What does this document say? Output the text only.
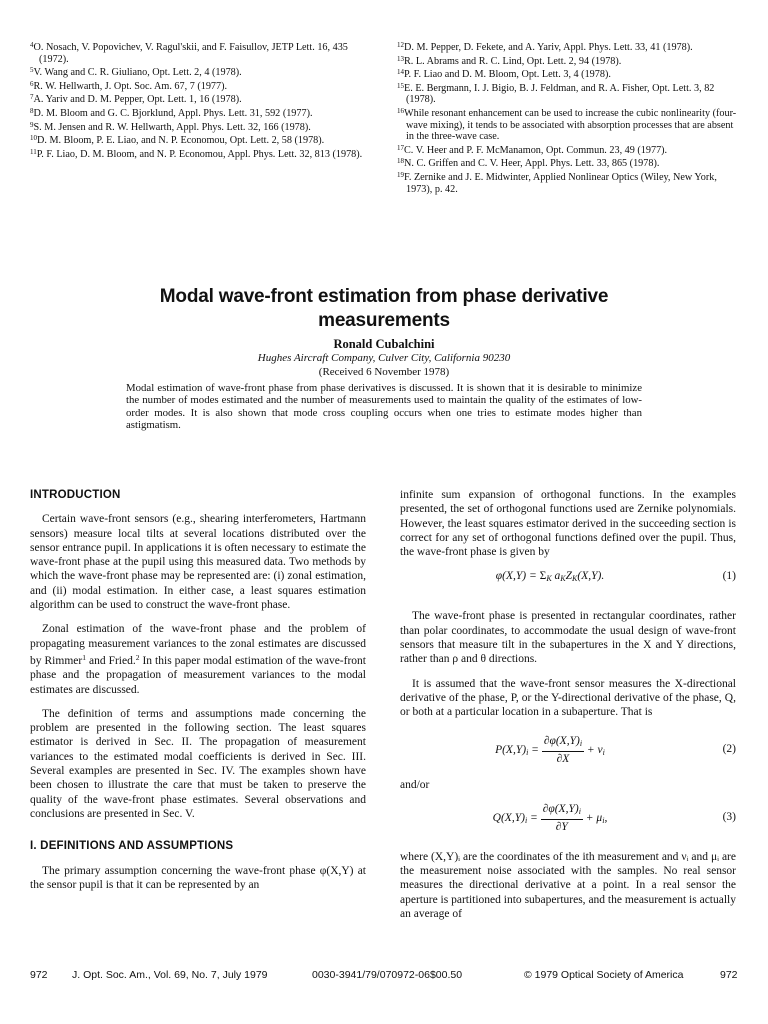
$^4$O. Nosach, V. Popovichev, V. Ragul'skii, and F. Faisullov, JETP Lett. 16, 435 (1972).

$^5$V. Wang and C. R. Giuliano, Opt. Lett. 2, 4 (1978).

$^6$R. W. Hellwarth, J. Opt. Soc. Am. 67, 7 (1977).

$^7$A. Yariv and D. M. Pepper, Opt. Lett. 1, 16 (1978).

$^8$D. M. Bloom and G. C. Bjorklund, Appl. Phys. Lett. 31, 592 (1977).

$^9$S. M. Jensen and R. W. Hellwarth, Appl. Phys. Lett. 32, 166 (1978).

$^{10}$D. M. Bloom, P. E. Liao, and N. P. Economou, Opt. Lett. 2, 58 (1978).

$^{11}$P. F. Liao, D. M. Bloom, and N. P. Economou, Appl. Phys. Lett. 32, 813 (1978).

$^{12}$D. M. Pepper, D. Fekete, and A. Yariv, Appl. Phys. Lett. 33, 41 (1978).

$^{13}$R. L. Abrams and R. C. Lind, Opt. Lett. 2, 94 (1978).

$^{14}$P. F. Liao and D. M. Bloom, Opt. Lett. 3, 4 (1978).

$^{15}$E. E. Bergmann, I. J. Bigio, B. J. Feldman, and R. A. Fisher, Opt. Lett. 3, 82 (1978).

$^{16}$While resonant enhancement can be used to increase the cubic nonlinearity (four-wave mixing), it tends to be associated with absorption processes that are absent in the three-wave case.

$^{17}$C. V. Heer and P. F. McManamon, Opt. Commun. 23, 49 (1977).

$^{18}$N. C. Griffen and C. V. Heer, Appl. Phys. Lett. 33, 865 (1978).

$^{19}$F. Zernike and J. E. Midwinter, Applied Nonlinear Optics (Wiley, New York, 1973), p. 42.

Modal wave-front estimation from phase derivative measurements
Ronald Cubalchini
Hughes Aircraft Company, Culver City, California 90230
(Received 6 November 1978)
Modal estimation of wave-front phase from phase derivatives is discussed. It is shown that it is desirable to minimize the number of modes estimated and the number of measurements used to maintain the quality of the estimates of low-order modes. It is also shown that mode cross coupling occurs when one tries to estimate modes higher than astigmatism.
INTRODUCTION

Certain wave-front sensors (e.g., shearing interferometers, Hartmann sensors) measure local tilts at several locations distributed over the sensor entrance pupil. In applications it is often necessary to estimate the wave-front phase at the pupil using this measured data. Two methods by which the wave-front phase may be represented are: (i) zonal estimation, and (ii) modal estimation. In either case, a least squares estimation algorithm can be used to construct the wave-front phase.

Zonal estimation of the wave-front phase and the problem of propagating measurement variances to the zonal estimates are discussed by Rimmer$^1$ and Fried.$^2$ In this paper modal estimation of the wave-front phase and the propagation of measurement variances to the modal estimates are discussed.

The definition of terms and assumptions made concerning the problem are presented in the following section. The least squares estimator is derived in Sec. II. The propagation of measurement variances to the estimated modal coefficients is derived in Sec. III. Several examples are presented in Sec. IV. The examples shown have been chosen to illustrate the care that must be taken to preserve the quality of the wave-front phase estimates. Several observations and conclusions are presented in Sec. V.

I. DEFINITIONS AND ASSUMPTIONS

The primary assumption concerning the wave-front phase φ(X,Y) at the sensor pupil is that it can be represented by an

infinite sum expansion of orthogonal functions. In the examples presented, the set of orthogonal functions used are Zernike polynomials. However, the least squares estimator derived in the succeeding section is correct for any set of orthogonal functions defined over the pupil. Thus, the wave-front phase is given by

$\varphi(X,Y) = \Sigma_K$ $a_KZ_K(X,Y)$.	(1)

The wave-front phase is presented in rectangular coordinates, rather than polar coordinates, to accommodate the usual design of wave-front sensors that measure tilt in the subapertures in the X and Y directions, rather than ρ and θ directions.

It is assumed that the wave-front sensor measures the X-directional derivative of the phase, P, or the Y-directional derivative of the phase, Q, or both at a particular location in a subaperture. That is

$P(X,Y)_i = \frac{\partial\varphi(X,Y)_i}{\partial X} + \nu_i$	(2)

and/or

$Q(X,Y)_i = \frac{\partial\varphi(X,Y)_i}{\partial Y} + \mu_i$,	(3)

where (X,Y)ᵢ are the coordinates of the ith measurement and νᵢ and μᵢ are the measurement noise associated with the samples. No real sensor measures the directional derivative at a point. In a real sensor the aperture is partitioned into subapertures, and the measurement is actually an average of

972 J. Opt. Soc. Am., Vol. 69, No. 7, July 1979	0030-3941/79/070972-06$00.50	© 1979 Optical Society of America	972
